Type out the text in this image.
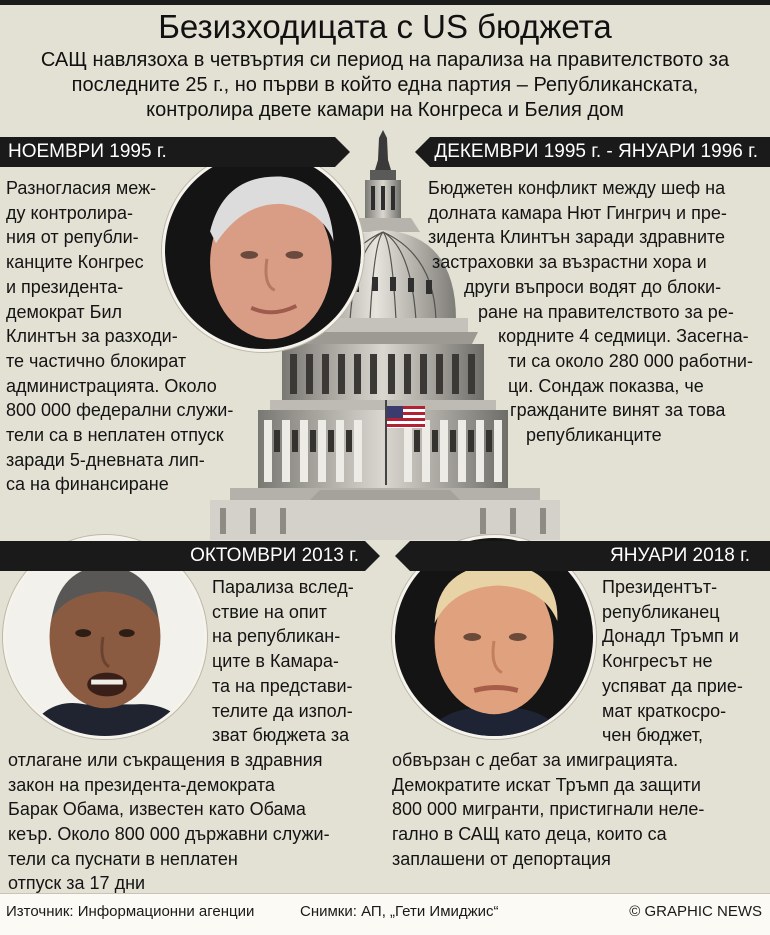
Безизходицата с US бюджета
САЩ навлязоха в четвъртия си период на парализа на правителството за
последните 25 г., но първи в който една партия – Републиканската,
контролира двете камари на Конгреса и Белия дом
НОЕМВРИ 1995 г.	ДЕКЕМВРИ 1995 г. - ЯНУАРИ 1996 г.
ОКТОМВРИ 2013 г.	ЯНУАРИ 2018 г.
Разногласия меж-
ду контролира-
ния от републи-
канците Конгрес
и президента-
демократ Бил
Клинтън за разходи-
те частично блокират
администрацията. Около
800 000 федерални служи-
тели са в неплатен отпуск
заради 5-дневната лип-
са на финансиране
Бюджетен конфликт между шеф на
долната камара Нют Гингрич и пре-
зидента Клинтън заради здравните
застраховки за възрастни хора и
други въпроси водят до блоки-
ране на правителството за ре-
кордните 4 седмици. Засегна-
ти са около 280 000 работни-
ци. Сондаж показва, че
гражданите винят за това
републиканците
Парализа вслед-
ствие на опит
на републикан-
ците в Камара-
та на представи-
телите да изпол-
зват бюджета за
отлагане или съкращения в здравния
закон на президента-демократа
Барак Обама, известен като Обама
кеър. Около 800 000 държавни служи-
тели са пуснати в неплатен
отпуск за 17 дни
Президентът-
републиканец
Донадл Тръмп и
Конгресът не
успяват да прие-
мат краткосро-
чен бюджет,
обвързан с дебат за имиграцията.
Демократите искат Тръмп да защити
800 000 мигранти, пристигнали неле-
гално в САЩ като деца, които са
заплашени от депортация
Източник: Информационни агенции	Снимки: АП, „Гети Имиджис“	© GRAPHIC NEWS
